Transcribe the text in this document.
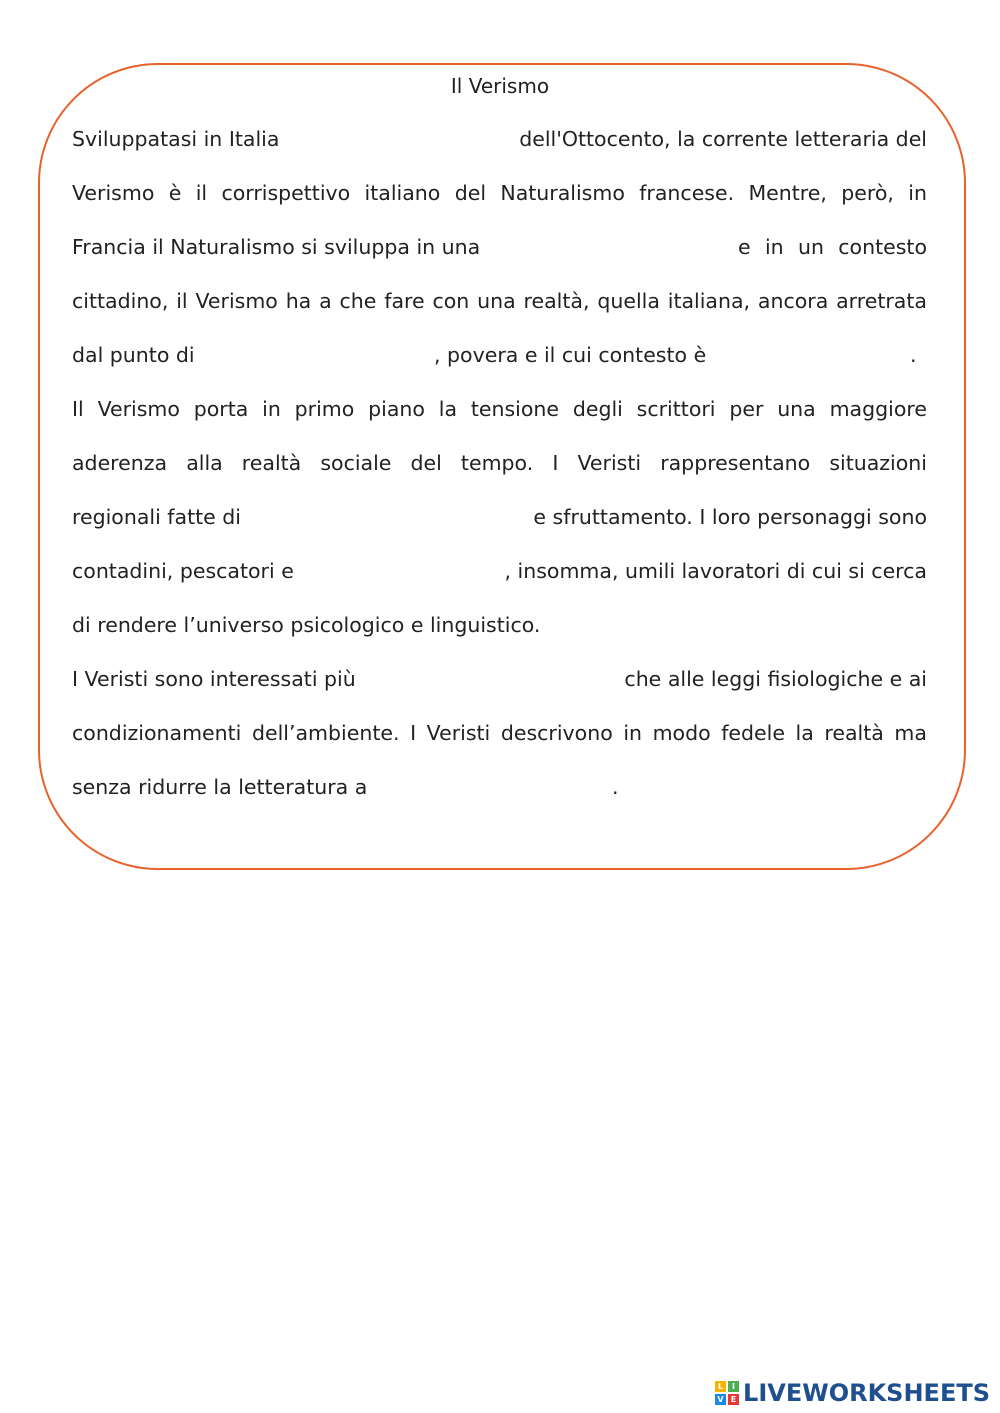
Il Verismo
Sviluppatasi in Italia	dell'Ottocento, la corrente letteraria del
Verismo è il corrispettivo italiano del Naturalismo francese. Mentre, però, in
Francia il Naturalismo si sviluppa in una	e in un contesto
cittadino, il Verismo ha a che fare con una realtà, quella italiana, ancora arretrata
dal punto di	, povera e il cui contesto è	.
Il Verismo porta in primo piano la tensione degli scrittori per una maggiore
aderenza alla realtà sociale del tempo. I Veristi rappresentano situazioni
regionali fatte di	e sfruttamento. I loro personaggi sono
contadini, pescatori e	, insomma, umili lavoratori di cui si cerca
di rendere l’universo psicologico e linguistico.
I Veristi sono interessati più	che alle leggi fisiologiche e ai
condizionamenti dell’ambiente. I Veristi descrivono in modo fedele la realtà ma
senza ridurre la letteratura a	.
L	I
V E LIVEWORKSHEETS
